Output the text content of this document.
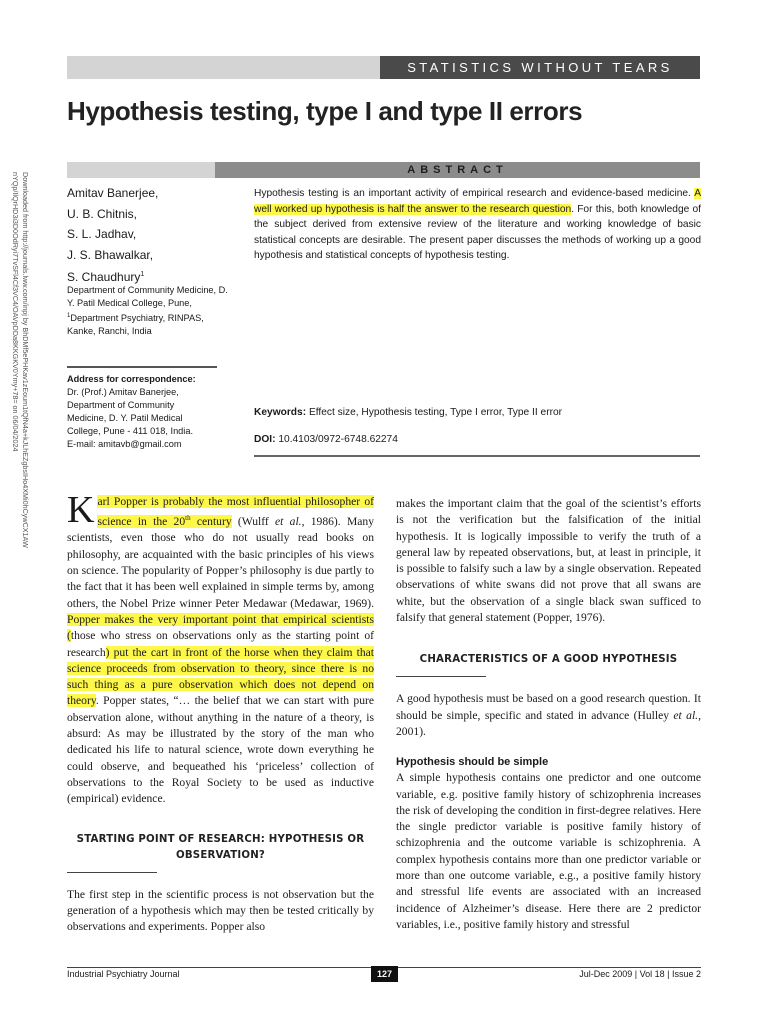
STATISTICS WITHOUT TEARS
Hypothesis testing, type I and type II errors
ABSTRACT
Downloaded from http://journals.lww.com/inpj by BhDMf5ePHKav1zEoum1tQfN4a+kJLhEZgbsIHo4XMi0hCywCX1AW
nYQp/IlQrHD3i3D0OdRyi7TvSFl4Cf3VC4/OAVpDDa8KKGKV0Ymy+78= on 06/04/2024	Amitav Banerjee,
U. B. Chitnis,
S. L. Jadhav,
J. S. Bhawalkar,
S. Chaudhury$^1$
Department of Community Medicine, D. Y. Patil Medical College, Pune, $^1$Department Psychiatry, RINPAS, Kanke, Ranchi, India
Address for correspondence:
Dr. (Prof.) Amitav Banerjee,
Department of Community
Medicine, D. Y. Patil Medical
College, Pune - 411 018, India.
E-mail: amitavb@gmail.com
Hypothesis testing is an important activity of empirical research and evidence-based medicine. A well worked up hypothesis is half the answer to the research question. For this, both knowledge of the subject derived from extensive review of the literature and working knowledge of basic statistical concepts are desirable. The present paper discusses the methods of working up a good hypothesis and statistical concepts of hypothesis testing.
Keywords: Effect size, Hypothesis testing, Type I error, Type II error
DOI: 10.4103/0972-6748.62274

Karl Popper is probably the most influential philosopher of science in the 20th century (Wulff et al., 1986). Many scientists, even those who do not usually read books on philosophy, are acquainted with the basic principles of his views on science. The popularity of Popper’s philosophy is due partly to the fact that it has been well explained in simple terms by, among others, the Nobel Prize winner Peter Medawar (Medawar, 1969). Popper makes the very important point that empirical scientists (those who stress on observations only as the starting point of research) put the cart in front of the horse when they claim that science proceeds from observation to theory, since there is no such thing as a pure observation which does not depend on theory. Popper states, “… the belief that we can start with pure observation alone, without anything in the nature of a theory, is absurd: As may be illustrated by the story of the man who dedicated his life to natural science, wrote down everything he could observe, and bequeathed his ‘priceless’ collection of observations to the Royal Society to be used as inductive (empirical) evidence.

STARTING POINT OF RESEARCH: HYPOTHESIS OR OBSERVATION?

The first step in the scientific process is not observation but the generation of a hypothesis which may then be tested critically by observations and experiments. Popper also

makes the important claim that the goal of the scientist’s efforts is not the verification but the falsification of the initial hypothesis. It is logically impossible to verify the truth of a general law by repeated observations, but, at least in principle, it is possible to falsify such a law by a single observation. Repeated observations of white swans did not prove that all swans are white, but the observation of a single black swan sufficed to falsify that general statement (Popper, 1976).

CHARACTERISTICS OF A GOOD HYPOTHESIS

A good hypothesis must be based on a good research question. It should be simple, specific and stated in advance (Hulley et al., 2001).

Hypothesis should be simple

A simple hypothesis contains one predictor and one outcome variable, e.g. positive family history of schizophrenia increases the risk of developing the condition in first-degree relatives. Here the single predictor variable is positive family history of schizophrenia and the outcome variable is schizophrenia. A complex hypothesis contains more than one predictor variable or more than one outcome variable, e.g., a positive family history and stressful life events are associated with an increased incidence of Alzheimer’s disease. Here there are 2 predictor variables, i.e., positive family history and stressful

Industrial Psychiatry Journal	127	Jul-Dec 2009 | Vol 18 | Issue 2
